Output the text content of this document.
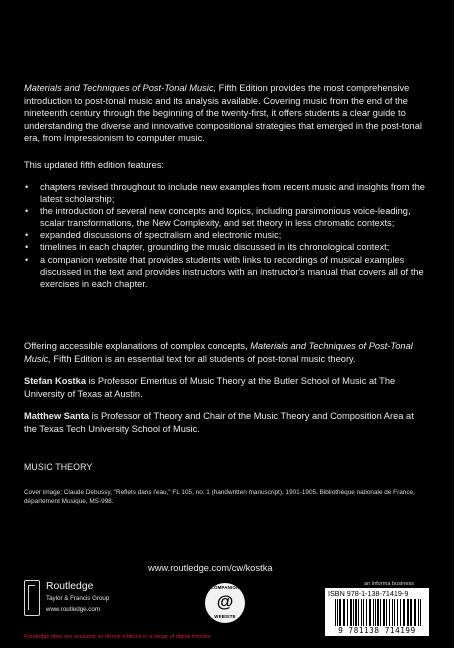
Materials and Techniques of Post-Tonal Music, Fifth Edition provides the most comprehensive introduction to post-tonal music and its analysis available. Covering music from the end of the nineteenth century through the beginning of the twenty-first, it offers students a clear guide to understanding the diverse and innovative compositional strategies that emerged in the post-tonal era, from Impressionism to computer music.

This updated fifth edition features:

• chapters revised throughout to include new examples from recent music and insights from the latest scholarship;
• the introduction of several new concepts and topics, including parsimonious voice-leading, scalar transformations, the New Complexity, and set theory in less chromatic contexts;
• expanded discussions of spectralism and electronic music;
• timelines in each chapter, grounding the music discussed in its chronological context;
• a companion website that provides students with links to recordings of musical examples discussed in the text and provides instructors with an instructor's manual that covers all of the exercises in each chapter.

Offering accessible explanations of complex concepts, Materials and Techniques of Post-Tonal Music, Fifth Edition is an essential text for all students of post-tonal music theory.

Stefan Kostka is Professor Emeritus of Music Theory at the Butler School of Music at The University of Texas at Austin.

Matthew Santa is Professor of Theory and Chair of the Music Theory and Composition Area at the Texas Tech University School of Music.

MUSIC THEORY

Cover image: Claude Debussy, "Reflets dans l'eau," FL 105, no. 1 (handwritten manuscript), 1901-1905. Bibliothèque nationale de France, département Musique, MS-998.

www.routledge.com/cw/kostka

Routledge
Taylor & Francis Group
www.routledge.com
COMPANION
@
WEBSITE
an informa business
ISBN 978-1-138-71419-9
9 781138 714199
Routledge titles are available as eBook editions in a range of digital formats
